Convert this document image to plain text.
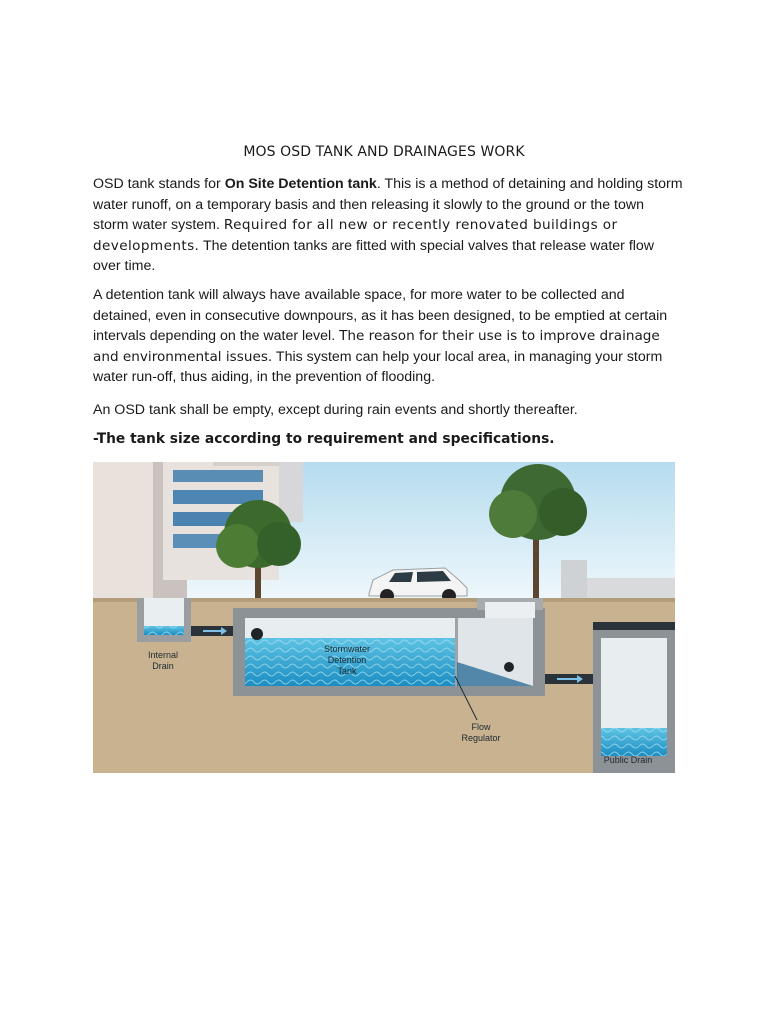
MOS OSD TANK AND DRAINAGES WORK

OSD tank stands for On Site Detention tank. This is a method of detaining and holding storm water runoff, on a temporary basis and then releasing it slowly to the ground or the town storm water system. Required for all new or recently renovated buildings or developments. The detention tanks are fitted with special valves that release water flow over time.

A detention tank will always have available space, for more water to be collected and detained, even in consecutive downpours, as it has been designed, to be emptied at certain intervals depending on the water level. The reason for their use is to improve drainage and environmental issues. This system can help your local area, in managing your storm water run-off, thus aiding, in the prevention of flooding.

An OSD tank shall be empty, except during rain events and shortly thereafter.

-The tank size according to requirement and specifications.
Internal
Drain
Stormwater
Detention
Tank
Flow
Regulator
Public Drain
